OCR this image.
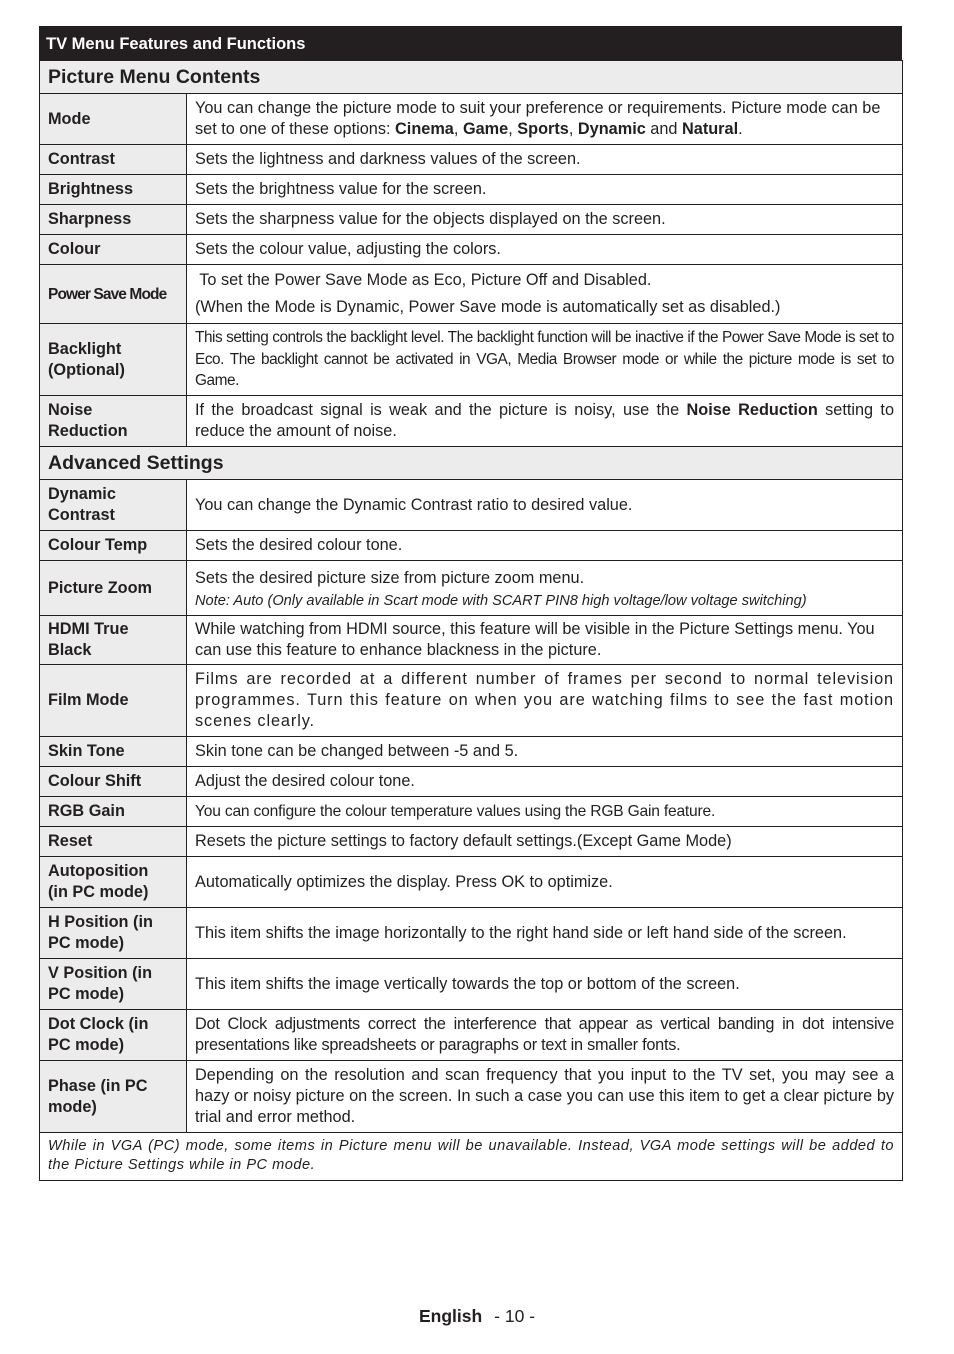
TV Menu Features and Functions
Picture Menu Contents	
Mode	You can change the picture mode to suit your preference or requirements. Picture mode can be set to one of these options: Cinema, Game, Sports, Dynamic and Natural.
Contrast	Sets the lightness and darkness values of the screen.
Brightness	Sets the brightness value for the screen.
Sharpness	Sets the sharpness value for the objects displayed on the screen.
Colour	Sets the colour value, adjusting the colors.
Power Save Mode	To set the Power Save Mode as Eco, Picture Off and Disabled.
(When the Mode is Dynamic, Power Save mode is automatically set as disabled.)

Backlight
(Optional)	This setting controls the backlight level. The backlight function will be inactive if the Power Save Mode is set to Eco. The backlight cannot be activated in VGA, Media Browser mode or while the picture mode is set to Game.

Noise
Reduction	If the broadcast signal is weak and the picture is noisy, use the Noise Reduction setting to reduce the amount of noise.
Advanced Settings	

Dynamic
Contrast	You can change the Dynamic Contrast ratio to desired value.
Colour Temp	Sets the desired colour tone.
Picture Zoom	Sets the desired picture size from picture zoom menu.
Note: Auto (Only available in Scart mode with SCART PIN8 high voltage/low voltage switching)

HDMI True
Black	While watching from HDMI source, this feature will be visible in the Picture Settings menu. You can use this feature to enhance blackness in the picture.
Film Mode	Films are recorded at a different number of frames per second to normal television programmes. Turn this feature on when you are watching films to see the fast motion scenes clearly.
Skin Tone	Skin tone can be changed between -5 and 5.
Colour Shift	Adjust the desired colour tone.
RGB Gain	You can configure the colour temperature values using the RGB Gain feature.
Reset	Resets the picture settings to factory default settings.(Except Game Mode)

Autoposition
(in PC mode)	Automatically optimizes the display. Press OK to optimize.

H Position (in
PC mode)	This item shifts the image horizontally to the right hand side or left hand side of the screen.

V Position (in
PC mode)	This item shifts the image vertically towards the top or bottom of the screen.

Dot Clock (in
PC mode)	Dot Clock adjustments correct the interference that appear as vertical banding in dot intensive presentations like spreadsheets or paragraphs or text in smaller fonts.

Phase (in PC
mode)	Depending on the resolution and scan frequency that you input to the TV set, you may see a hazy or noisy picture on the screen. In such a case you can use this item to get a clear picture by trial and error method.
While in VGA (PC) mode, some items in Picture menu will be unavailable. Instead, VGA mode settings will be added to the Picture Settings while in PC mode.	
English - 10 -
